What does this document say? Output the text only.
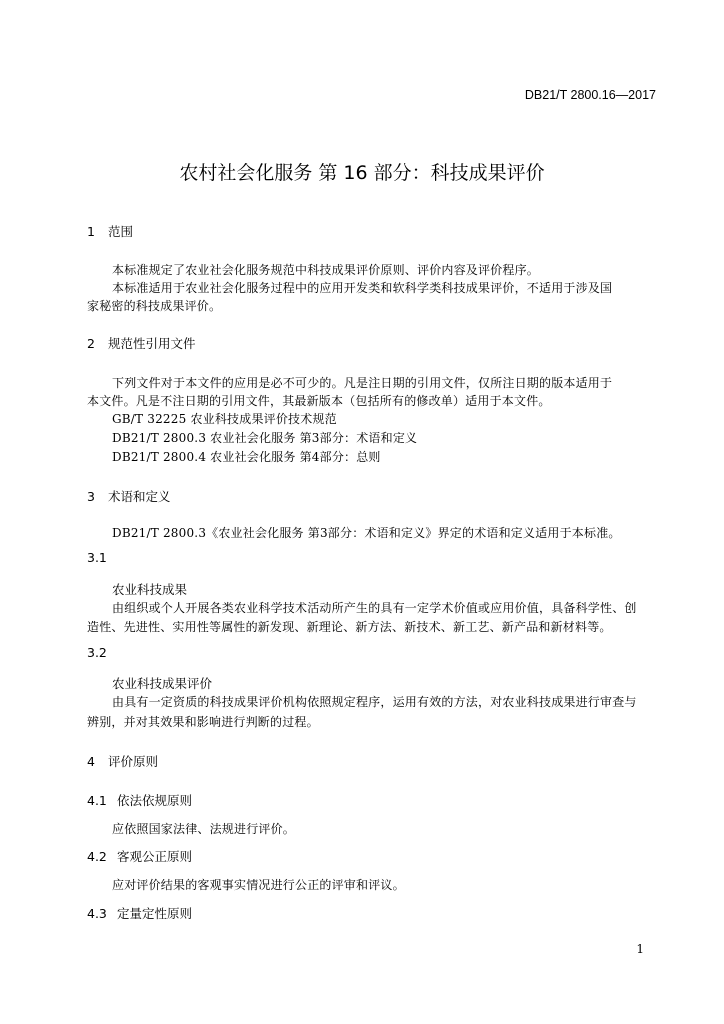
DB21/T 2800.16—2017
农村社会化服务 第 16 部分：科技成果评价
1 范围
本标准规定了农业社会化服务规范中科技成果评价原则、评价内容及评价程序。
本标准适用于农业社会化服务过程中的应用开发类和软科学类科技成果评价，不适用于涉及国
家秘密的科技成果评价。
2 规范性引用文件
下列文件对于本文件的应用是必不可少的。凡是注日期的引用文件，仅所注日期的版本适用于
本文件。凡是不注日期的引用文件，其最新版本（包括所有的修改单）适用于本文件。
GB/T 32225 农业科技成果评价技术规范
DB21/T 2800.3 农业社会化服务 第3部分：术语和定义
DB21/T 2800.4 农业社会化服务 第4部分：总则
3 术语和定义
DB21/T 2800.3《农业社会化服务 第3部分：术语和定义》界定的术语和定义适用于本标准。
3.1
农业科技成果
由组织或个人开展各类农业科学技术活动所产生的具有一定学术价值或应用价值，具备科学性、创
造性、先进性、实用性等属性的新发现、新理论、新方法、新技术、新工艺、新产品和新材料等。
3.2
农业科技成果评价
由具有一定资质的科技成果评价机构依照规定程序，运用有效的方法，对农业科技成果进行审查与
辨别，并对其效果和影响进行判断的过程。
4 评价原则
4.1 依法依规原则
应依照国家法律、法规进行评价。
4.2 客观公正原则
应对评价结果的客观事实情况进行公正的评审和评议。
4.3 定量定性原则
1
